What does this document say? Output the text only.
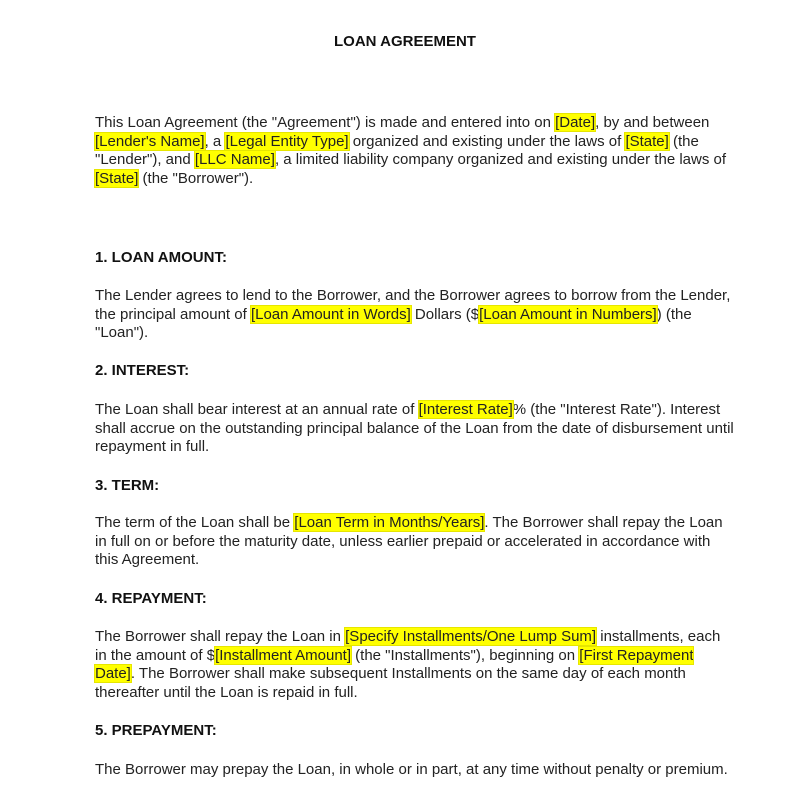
LOAN AGREEMENT

This Loan Agreement (the "Agreement") is made and entered into on [Date], by and between [Lender's Name], a [Legal Entity Type] organized and existing under the laws of [State] (the "Lender"), and [LLC Name], a limited liability company organized and existing under the laws of [State] (the "Borrower").

1. LOAN AMOUNT:

The Lender agrees to lend to the Borrower, and the Borrower agrees to borrow from the Lender, the principal amount of [Loan Amount in Words] Dollars ($[Loan Amount in Numbers]) (the "Loan").

2. INTEREST:

The Loan shall bear interest at an annual rate of [Interest Rate]% (the "Interest Rate"). Interest shall accrue on the outstanding principal balance of the Loan from the date of disbursement until repayment in full.

3. TERM:

The term of the Loan shall be [Loan Term in Months/Years]. The Borrower shall repay the Loan in full on or before the maturity date, unless earlier prepaid or accelerated in accordance with this Agreement.

4. REPAYMENT:

The Borrower shall repay the Loan in [Specify Installments/One Lump Sum] installments, each in the amount of $[Installment Amount] (the "Installments"), beginning on [First Repayment Date]. The Borrower shall make subsequent Installments on the same day of each month thereafter until the Loan is repaid in full.

5. PREPAYMENT:

The Borrower may prepay the Loan, in whole or in part, at any time without penalty or premium.
